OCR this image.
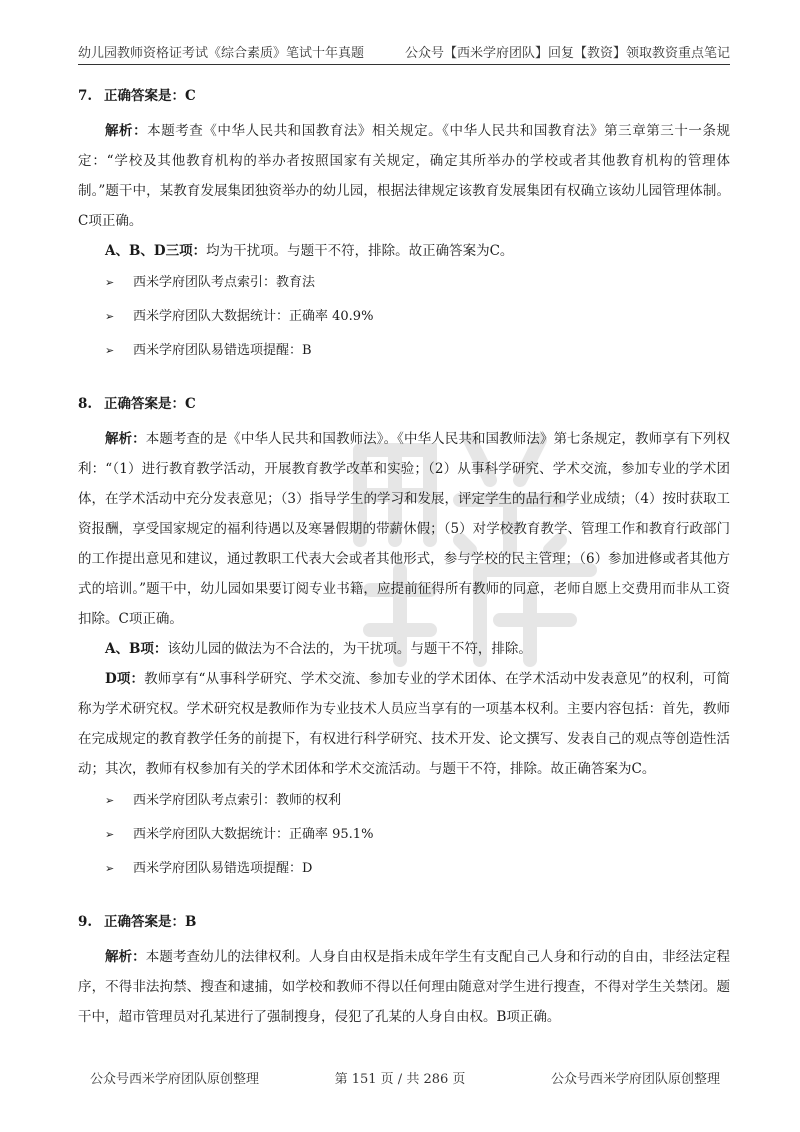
幼儿园教师资格证考试《综合素质》笔试十年真题	公众号【西米学府团队】回复【教资】领取教资重点笔记
7. 正确答案是：C

解析：本题考查《中华人民共和国教育法》相关规定。《中华人民共和国教育法》第三章第三十一条规定：“学校及其他教育机构的举办者按照国家有关规定，确定其所举办的学校或者其他教育机构的管理体制。”题干中，某教育发展集团独资举办的幼儿园，根据法律规定该教育发展集团有权确立该幼儿园管理体制。C项正确。

A、B、D三项：均为干扰项。与题干不符，排除。故正确答案为C。

➢ 西米学府团队考点索引：教育法
➢ 西米学府团队大数据统计：正确率 40.9%
➢ 西米学府团队易错选项提醒：B
8. 正确答案是：C

解析：本题考查的是《中华人民共和国教师法》。《中华人民共和国教师法》第七条规定，教师享有下列权利：“（1）进行教育教学活动，开展教育教学改革和实验；（2）从事科学研究、学术交流，参加专业的学术团体，在学术活动中充分发表意见；（3）指导学生的学习和发展，评定学生的品行和学业成绩；（4）按时获取工资报酬，享受国家规定的福利待遇以及寒暑假期的带薪休假；（5）对学校教育教学、管理工作和教育行政部门的工作提出意见和建议，通过教职工代表大会或者其他形式，参与学校的民主管理；（6）参加进修或者其他方式的培训。”题干中，幼儿园如果要订阅专业书籍，应提前征得所有教师的同意，老师自愿上交费用而非从工资扣除。C项正确。

A、B项：该幼儿园的做法为不合法的，为干扰项。与题干不符，排除。

D项：教师享有“从事科学研究、学术交流、参加专业的学术团体、在学术活动中发表意见”的权利，可简称为学术研究权。学术研究权是教师作为专业技术人员应当享有的一项基本权利。主要内容包括：首先，教师在完成规定的教育教学任务的前提下，有权进行科学研究、技术开发、论文撰写、发表自己的观点等创造性活动；其次，教师有权参加有关的学术团体和学术交流活动。与题干不符，排除。故正确答案为C。

➢ 西米学府团队考点索引：教师的权利
➢ 西米学府团队大数据统计：正确率 95.1%
➢ 西米学府团队易错选项提醒：D
9. 正确答案是：B

解析：本题考查幼儿的法律权利。人身自由权是指未成年学生有支配自己人身和行动的自由，非经法定程序，不得非法拘禁、搜查和逮捕，如学校和教师不得以任何理由随意对学生进行搜查，不得对学生关禁闭。题干中，超市管理员对孔某进行了强制搜身，侵犯了孔某的人身自由权。B项正确。

公众号西米学府团队原创整理	第 151 页 / 共 286 页	公众号西米学府团队原创整理
